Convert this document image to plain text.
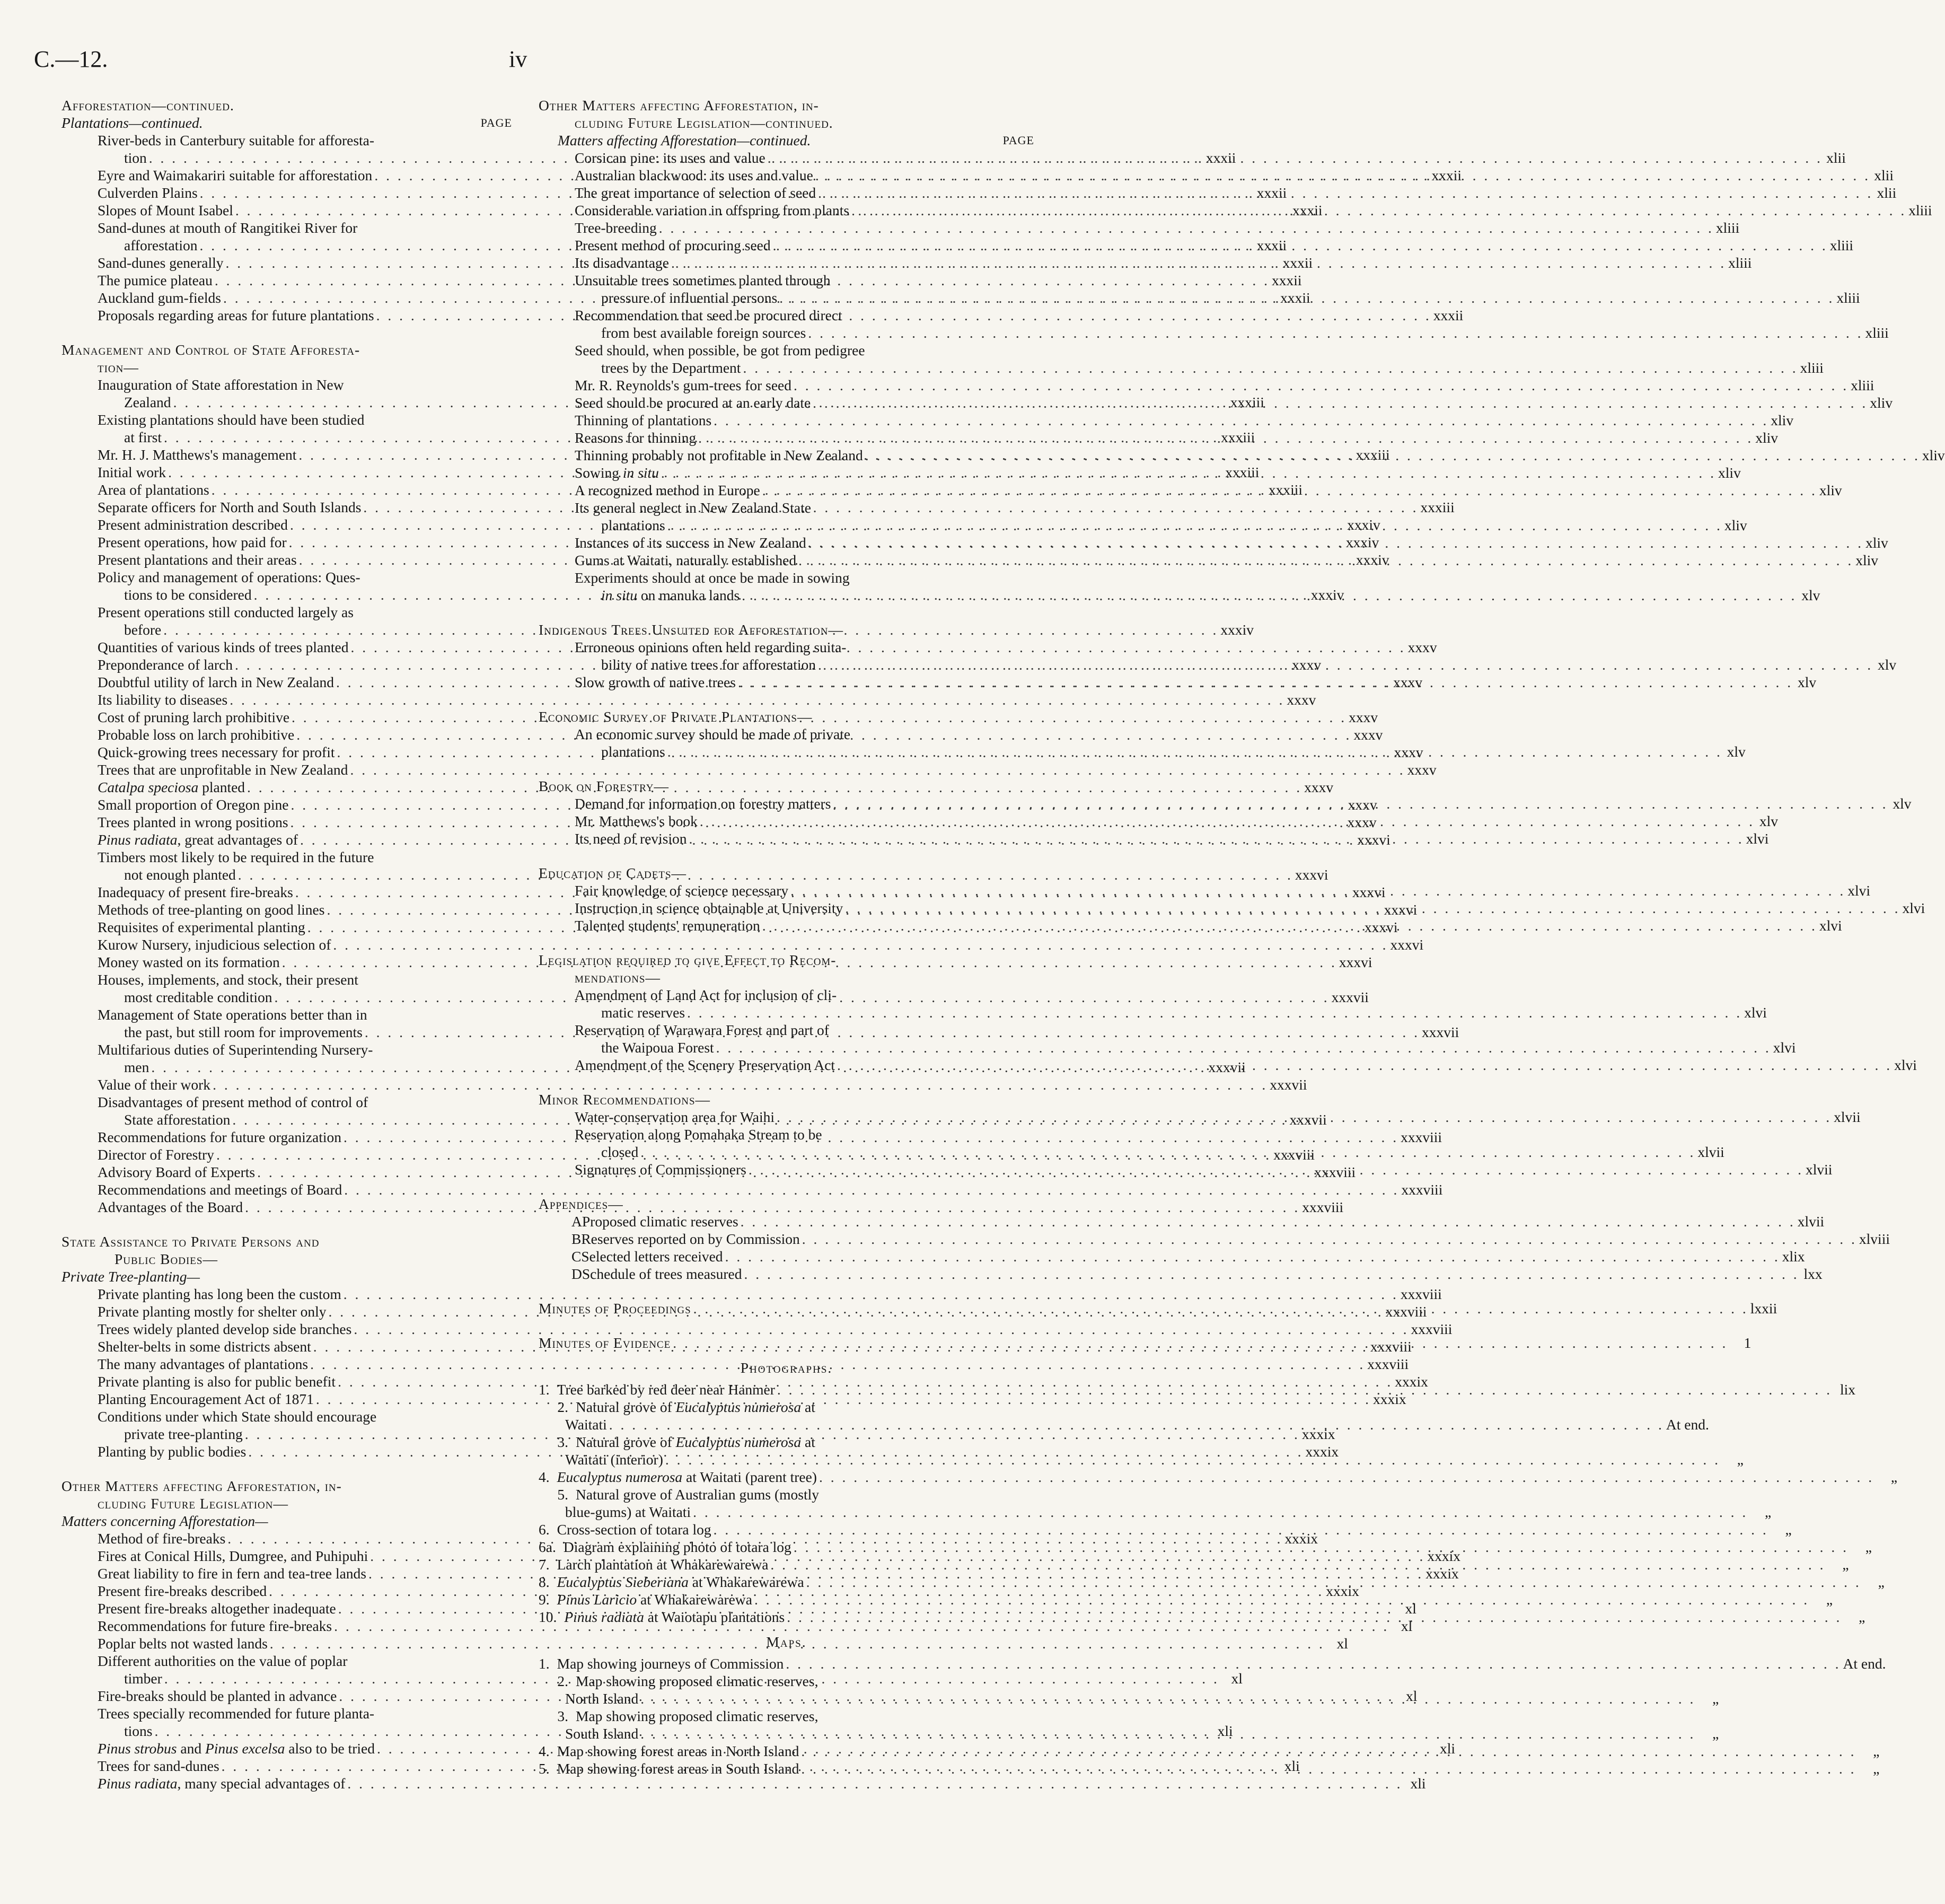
C.—12.	iv
Afforestation—continued.
Plantations—continued.	PAGE
River-beds in Canterbury suitable for afforesta-
tion . . .	xxxii
Eyre and Waimakariri suitable for afforestation . . .	xxxii
Culverden Plains . . .	xxxii
Slopes of Mount Isabel . . .	xxxii
Sand-dunes at mouth of Rangitikei River for
afforestation . . .	xxxii
Sand-dunes generally . . .	xxxii
The pumice plateau . . .	xxxii
Auckland gum-fields . . .	xxxii
Proposals regarding areas for future plantations . . .	xxxii
Management and Control of State Afforesta-
tion—
Inauguration of State afforestation in New
Zealand . . .	xxxiii
Existing plantations should have been studied
at first . . .	xxxiii
Mr. H. J. Matthews's management . . .	xxxiii
Initial work . . .	xxxiii
Area of plantations . . .	xxxiii
Separate officers for North and South Islands . . .	xxxiii
Present administration described . . .	xxxiv
Present operations, how paid for . . .	xxxiv
Present plantations and their areas . . .	xxxiv
Policy and management of operations: Ques-
tions to be considered . . .	xxxiv
Present operations still conducted largely as
before . . .	xxxiv
Quantities of various kinds of trees planted . . .	xxxv
Preponderance of larch . . .	xxxv
Doubtful utility of larch in New Zealand . . .	xxxv
Its liability to diseases . . .	xxxv
Cost of pruning larch prohibitive . . .	xxxv
Probable loss on larch prohibitive . . .	xxxv
Quick-growing trees necessary for profit . . .	xxxv
Trees that are unprofitable in New Zealand . . .	xxxv
Catalpa speciosa planted . . .	xxxv
Small proportion of Oregon pine . . .	xxxv
Trees planted in wrong positions . . .	xxxv
Pinus radiata, great advantages of . . .	xxxvi
Timbers most likely to be required in the future
not enough planted . . .	xxxvi
Inadequacy of present fire-breaks . . .	xxxvi
Methods of tree-planting on good lines . . .	xxxvi
Requisites of experimental planting . . .	xxxvi
Kurow Nursery, injudicious selection of . . .	xxxvi
Money wasted on its formation . . .	xxxvi
Houses, implements, and stock, their present
most creditable condition . . .	xxxvii
Management of State operations better than in
the past, but still room for improvements . . .	xxxvii
Multifarious duties of Superintending Nursery-
men . . .	xxxvii
Value of their work . . .	xxxvii
Disadvantages of present method of control of
State afforestation . . .	xxxvii
Recommendations for future organization . . .	xxxviii
Director of Forestry . . .	xxxviii
Advisory Board of Experts . . .	xxxviii
Recommendations and meetings of Board . . .	xxxviii
Advantages of the Board . . .	xxxviii
State Assistance to Private Persons and
Public Bodies—
Private Tree-planting—
Private planting has long been the custom . . .	xxxviii
Private planting mostly for shelter only . . .	xxxviii
Trees widely planted develop side branches . . .	xxxviii
Shelter-belts in some districts absent . . .	xxxviii
The many advantages of plantations . . .	xxxviii
Private planting is also for public benefit . . .	xxxix
Planting Encouragement Act of 1871 . . .	xxxix
Conditions under which State should encourage
private tree-planting . . .	xxxix
Planting by public bodies . . .	xxxix
Other Matters affecting Afforestation, in-
cluding Future Legislation—
Matters concerning Afforestation—
Method of fire-breaks . . .	xxxix
Fires at Conical Hills, Dumgree, and Puhipuhi . . .	xxxix
Great liability to fire in fern and tea-tree lands . . .	xxxix
Present fire-breaks described . . .	xxxix
Present fire-breaks altogether inadequate . . .	xl
Recommendations for future fire-breaks . . .	xl
Poplar belts not wasted lands . . .	xl
Different authorities on the value of poplar
timber . . .	xl
Fire-breaks should be planted in advance . . .	xl
Trees specially recommended for future planta-
tions . . .	xli
Pinus strobus and Pinus excelsa also to be tried . . .	xli
Trees for sand-dunes . . .	xli
Pinus radiata, many special advantages of . . .	xli
Other Matters affecting Afforestation, in-
cluding Future Legislation—continued.
Matters affecting Afforestation—continued.	PAGE
Corsican pine: its uses and value . . .	xlii
Australian blackwood: its uses and value . . .	xlii
The great importance of selection of seed . . .	xlii
Considerable variation in offspring from plants . . .	xliii
Tree-breeding . . .	xliii
Present method of procuring seed . . .	xliii
Its disadvantage . . .	xliii
Unsuitable trees sometimes planted through
pressure of influential persons . . .	xliii
Recommendation that seed be procured direct
from best available foreign sources . . .	xliii
Seed should, when possible, be got from pedigree
trees by the Department . . .	xliii
Mr. R. Reynolds's gum-trees for seed . . .	xliii
Seed should be procured at an early date . . .	xliv
Thinning of plantations . . .	xliv
Reasons for thinning . . .	xliv
Thinning probably not profitable in New Zealand . . .	xliv
Sowing in situ . . .	xliv
A recognized method in Europe . . .	xliv
Its general neglect in New Zealand State
plantations . . .	xliv
Instances of its success in New Zealand . . .	xliv
Gums at Waitati, naturally established . . .	xliv
Experiments should at once be made in sowing
in situ on manuka lands . . .	xlv
Indigenous Trees Unsuited for Afforestation—
Erroneous opinions often held regarding suita-
bility of native trees for afforestation . . .	xlv
Slow growth of native trees . . .	xlv
Economic Survey of Private Plantations—
An economic survey should be made of private
plantations . . .	xlv
Book on Forestry—
Demand for information on forestry matters . . .	xlv
Mr. Matthews's book . . .	xlv
Its need of revision . . .	xlvi
Education of Cadets—
Fair knowledge of science necessary . . .	xlvi
Instruction in science obtainable at University . . .	xlvi
Talented students' remuneration . . .	xlvi
Legislation required to give Effect to Recom-
mendations—
Amendment of Land Act for inclusion of cli-
matic reserves . . .	xlvi
Reservation of Warawara Forest and part of
the Waipoua Forest . . .	xlvi
Amendment of the Scenery Preservation Act . . .	xlvi
Minor Recommendations—
Water-conservation area for Waihi . . .	xlvii
Reservation along Pomahaka Stream to be
closed . . .	xlvii
Signatures of Commissioners . . .	xlvii
Appendices—
A Proposed climatic reserves . . .	xlvii
B Reserves reported on by Commission . . .	xlviii
C Selected letters received . . .	xlix
D Schedule of trees measured . . .	lxx
Minutes of Proceedings . . .	lxxii
Minutes of Evidence . . .	1
Photographs.
1. Tree barked by red deer near Hanmer . . .	lix
2. Natural grove of Eucalyptus numerosa at
Waitati . . .	At end.
3. Natural grove of Eucalyptus numerosa at
Waitati (interior) . . .	„
4. Eucalyptus numerosa at Waitati (parent tree) . . .	„
5. Natural grove of Australian gums (mostly
blue-gums) at Waitati . . .	„
6. Cross-section of totara log . . .	„
6a. Diagram explaining photo of totara log . . .	„
7. Larch plantation at Whakarewarewa . . .	„
8. Eucalyptus Sieberiana at Whakarewarewa . . .	„
9. Pinus Laricio at Whakarewarewa . . .	„
10. Pinus radiata at Waiotapu plantations . . .	„
Maps.
1. Map showing journeys of Commission . . .	At end.
2. Map showing proposed climatic reserves,
North Island . . .	„
3. Map showing proposed climatic reserves,
South Island . . .	„
4. Map showing forest areas in North Island . . .	„
5. Map showing forest areas in South Island . . .	„
